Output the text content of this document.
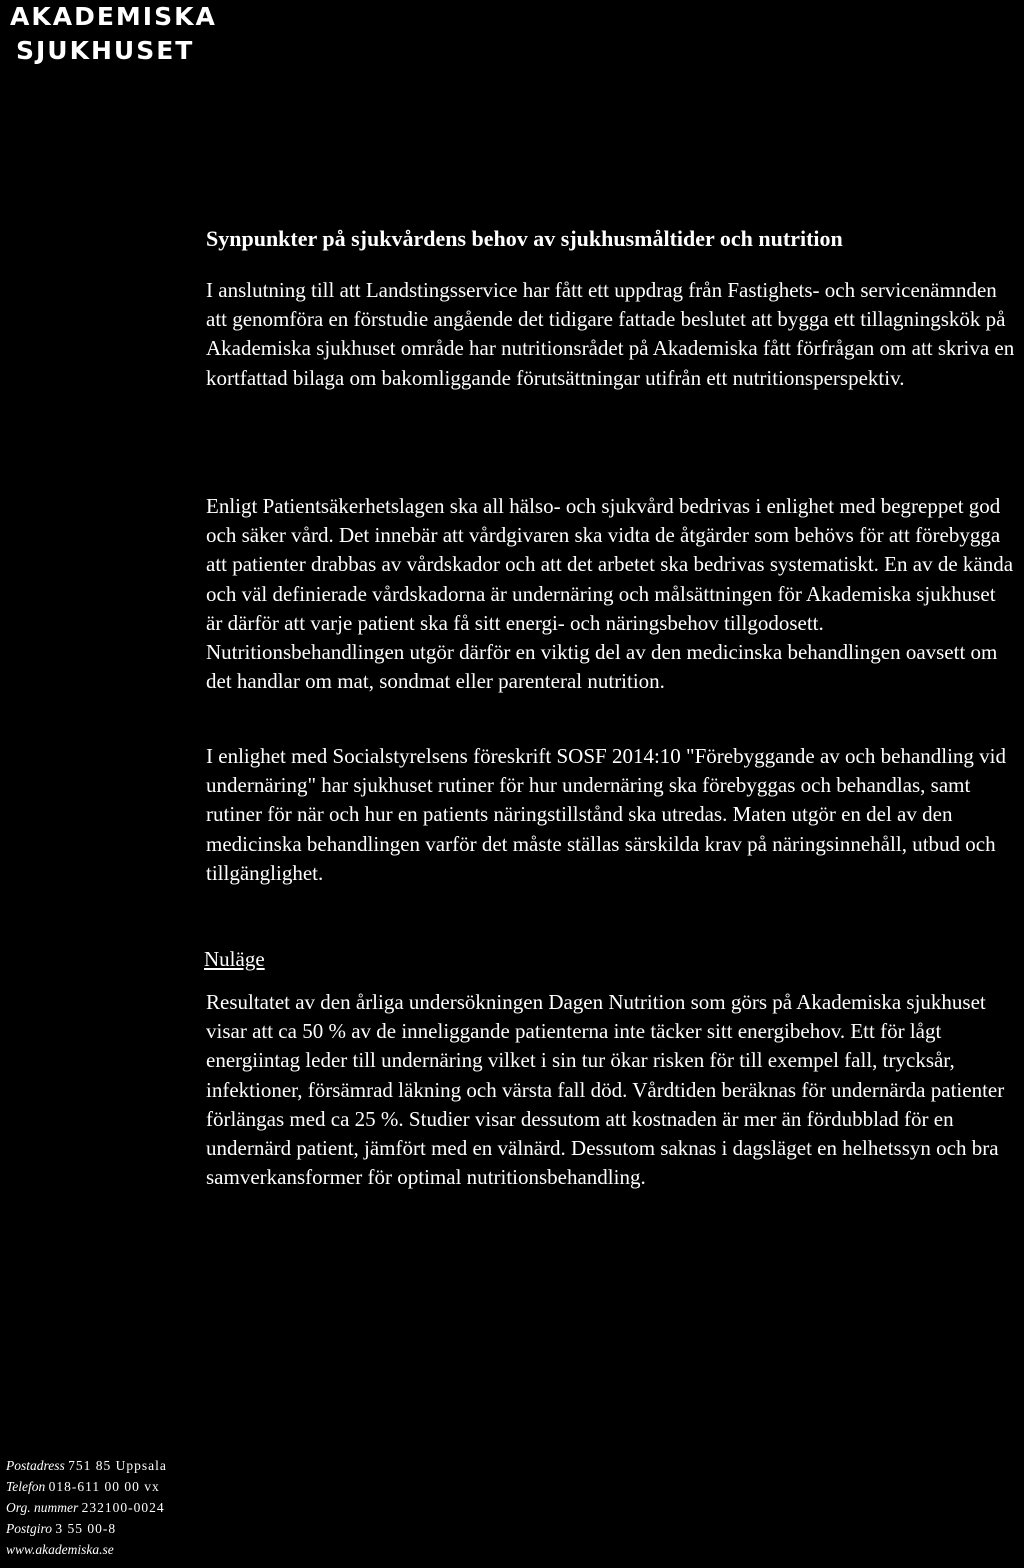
AKADEMISKA
SJUKHUSET
Synpunkter på sjukvårdens behov av sjukhusmåltider och nutrition

I anslutning till att Landstingsservice har fått ett uppdrag från Fastighets- och servicenämnden att genomföra en förstudie angående det tidigare fattade beslutet att bygga ett tillagningskök på Akademiska sjukhuset område har nutritionsrådet på Akademiska fått förfrågan om att skriva en kortfattad bilaga om bakomliggande förutsättningar utifrån ett nutritionsperspektiv.

Enligt Patientsäkerhetslagen ska all hälso- och sjukvård bedrivas i enlighet med begreppet god och säker vård. Det innebär att vårdgivaren ska vidta de åtgärder som behövs för att förebygga att patienter drabbas av vårdskador och att det arbetet ska bedrivas systematiskt. En av de kända och väl definierade vårdskadorna är undernäring och målsättningen för Akademiska sjukhuset är därför att varje patient ska få sitt energi- och näringsbehov tillgodosett. Nutritionsbehandlingen utgör därför en viktig del av den medicinska behandlingen oavsett om det handlar om mat, sondmat eller parenteral nutrition.

I enlighet med Socialstyrelsens föreskrift SOSF 2014:10 "Förebyggande av och behandling vid undernäring" har sjukhuset rutiner för hur undernäring ska förebyggas och behandlas, samt rutiner för när och hur en patients näringstillstånd ska utredas. Maten utgör en del av den medicinska behandlingen varför det måste ställas särskilda krav på näringsinnehåll, utbud och tillgänglighet.

Nuläge

Resultatet av den årliga undersökningen Dagen Nutrition som görs på Akademiska sjukhuset visar att ca 50 % av de inneliggande patienterna inte täcker sitt energibehov. Ett för lågt energiintag leder till undernäring vilket i sin tur ökar risken för till exempel fall, trycksår, infektioner, försämrad läkning och värsta fall död. Vårdtiden beräknas för undernärda patienter förlängas med ca 25 %. Studier visar dessutom att kostnaden är mer än fördubblad för en undernärd patient, jämfört med en välnärd. Dessutom saknas i dagsläget en helhetssyn och bra samverkansformer för optimal nutritionsbehandling.

Postadress 751 85 Uppsala
Telefon 018-611 00 00 vx
Org. nummer 232100-0024
Postgiro 3 55 00-8
www.akademiska.se
